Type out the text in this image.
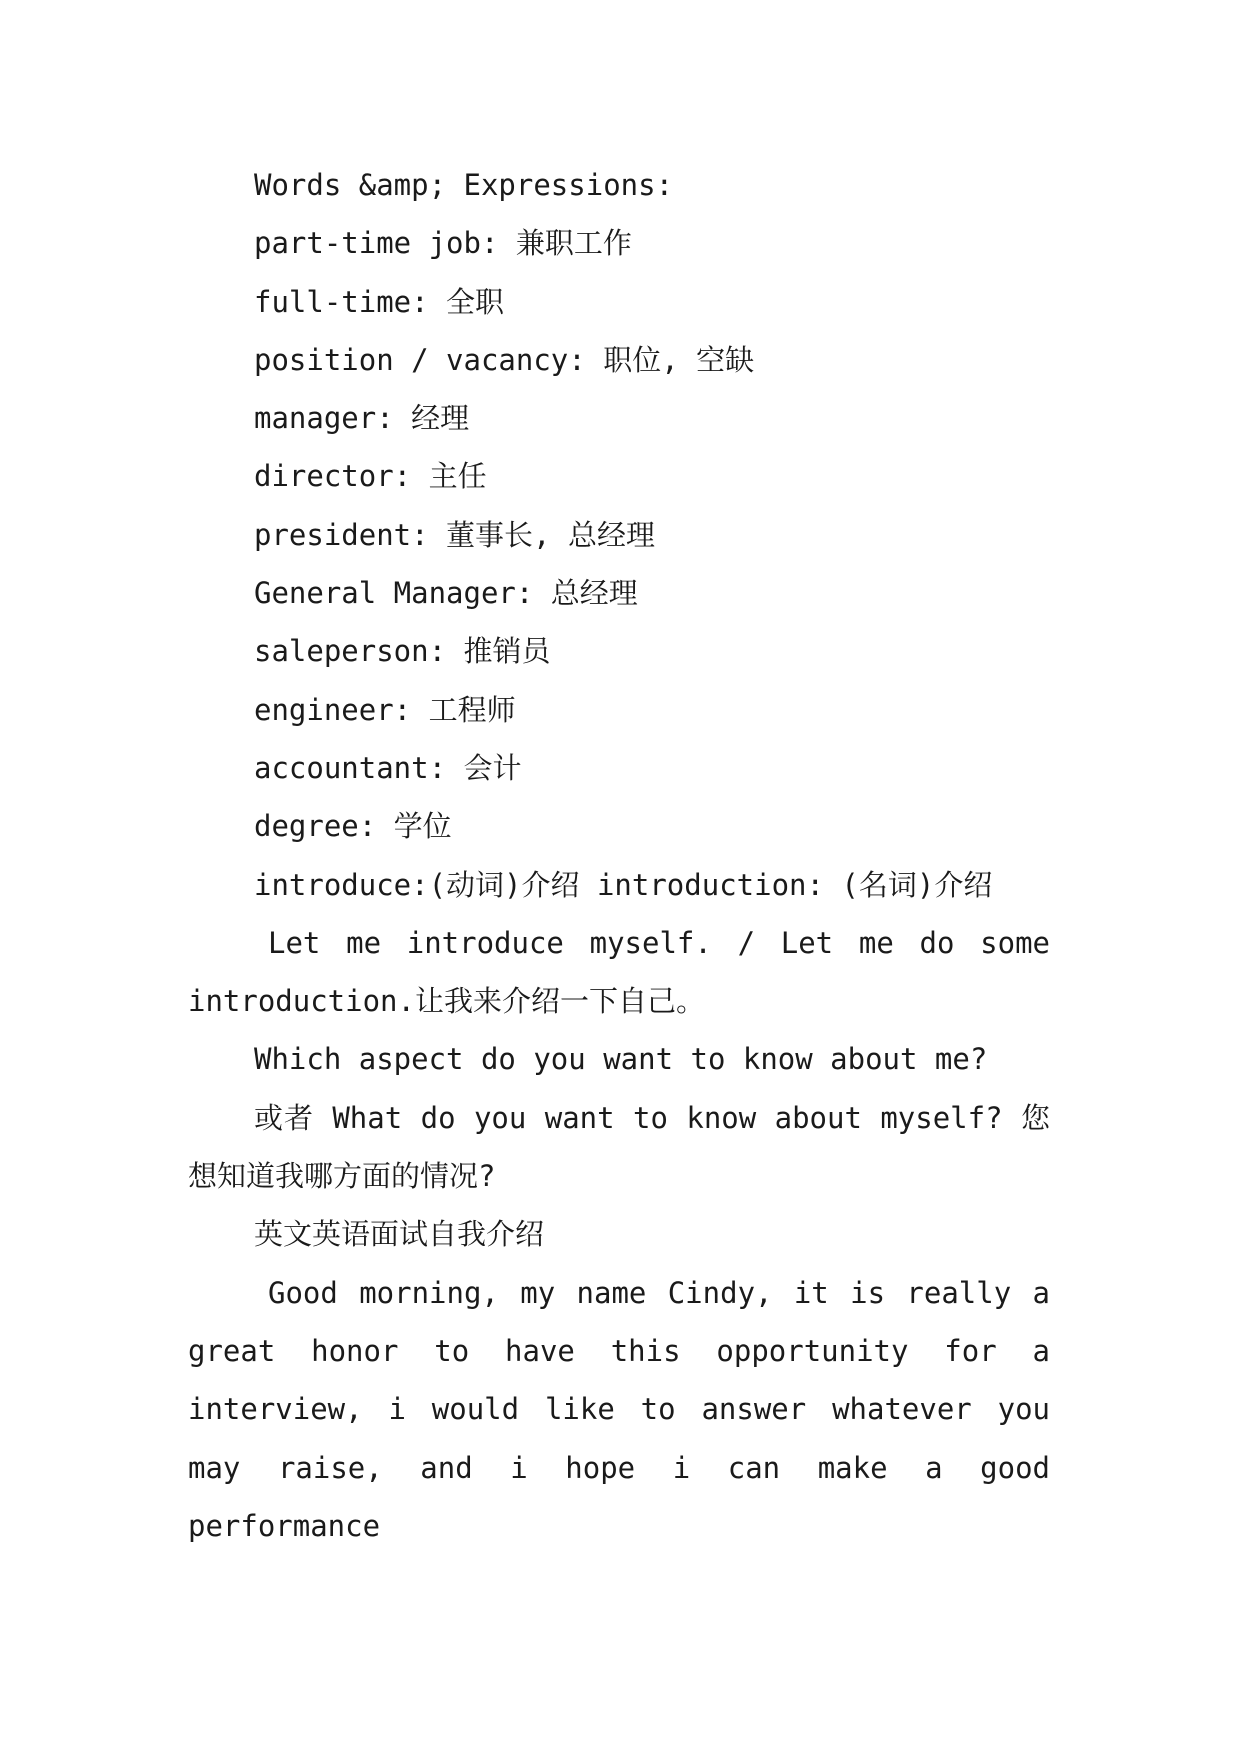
Words &amp; Expressions:
part-time job: 兼职工作
full-time: 全职
position / vacancy: 职位, 空缺
manager: 经理
director: 主任
president: 董事长, 总经理
General Manager: 总经理
saleperson: 推销员
engineer: 工程师
accountant: 会计
degree: 学位
introduce:(动词)介绍 introduction: (名词)介绍
Let me introduce myself. / Let me do some introduction.让我来介绍一下自己。
Which aspect do you want to know about me?
或者 What do you want to know about myself? 您想知道我哪方面的情况?
英文英语面试自我介绍
Good morning, my name Cindy, it is really a great honor to have this opportunity for a interview, i would like to answer whatever you may raise, and i hope i can make a good performance
